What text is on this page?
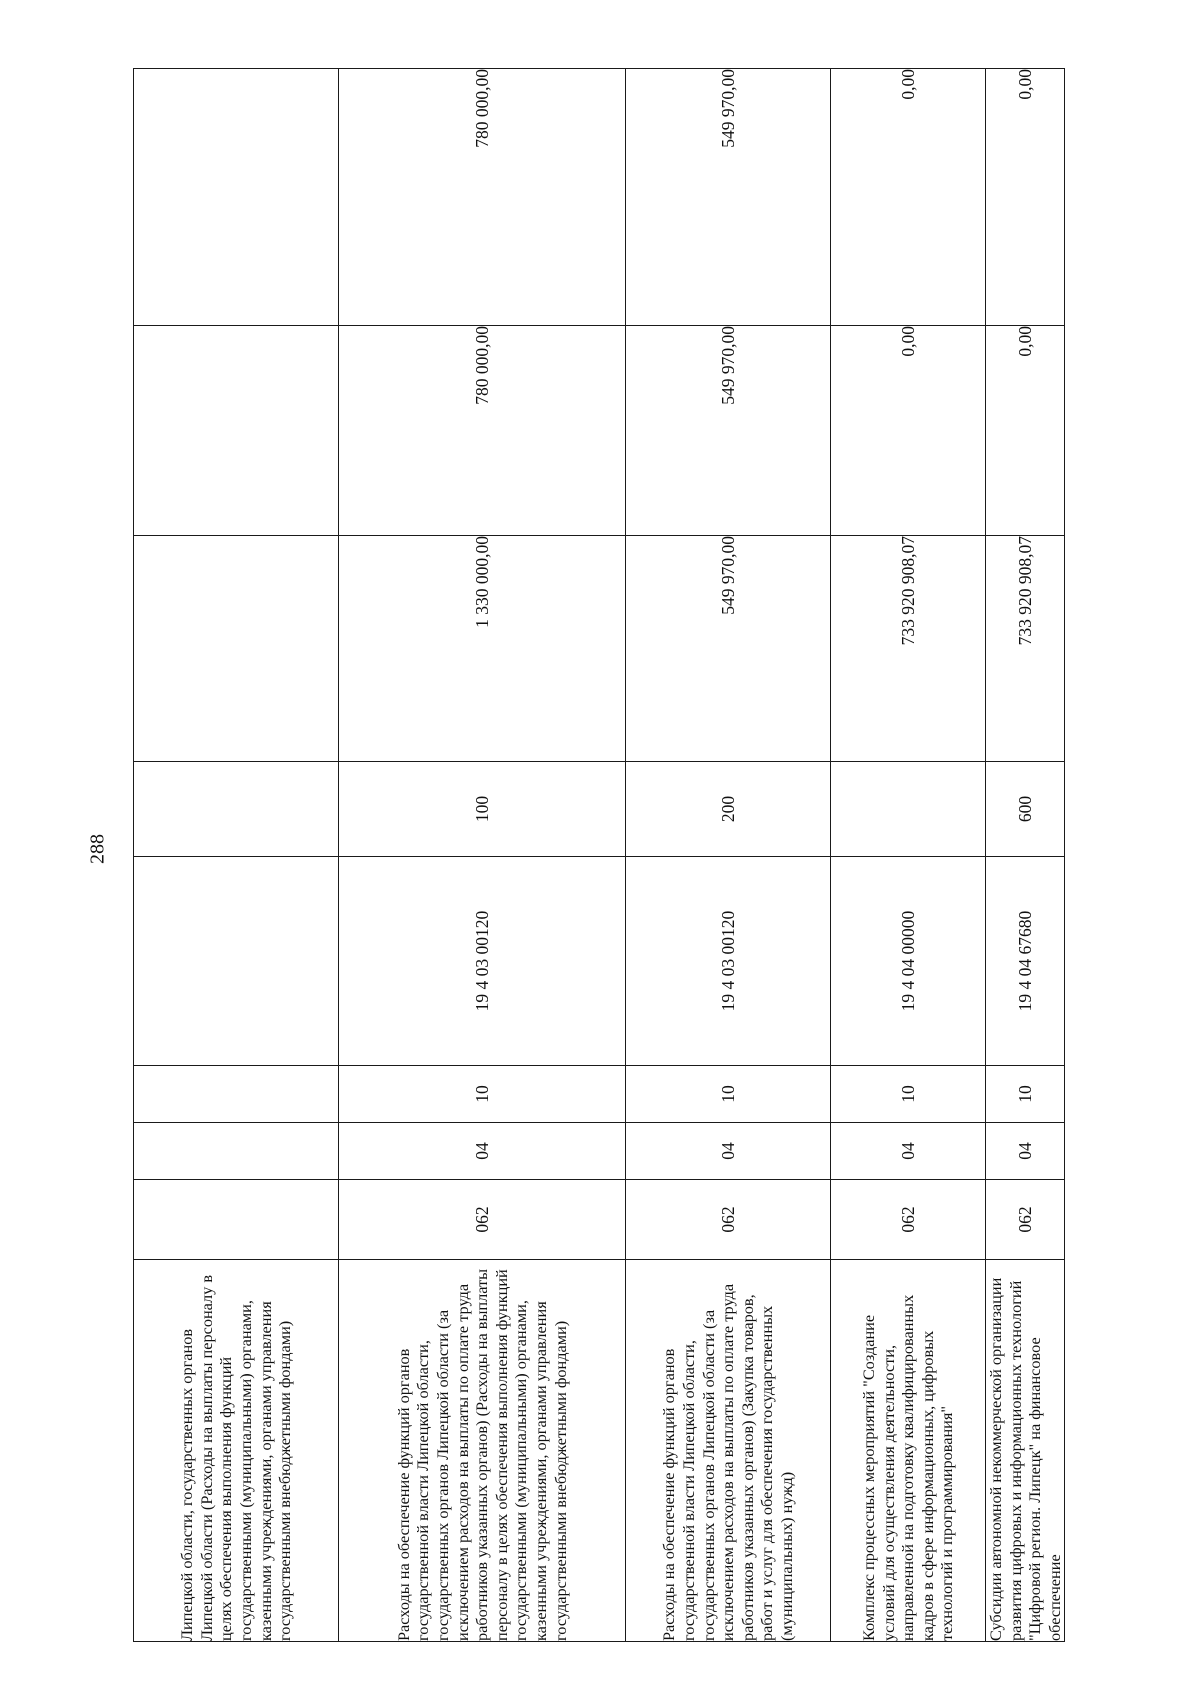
288
Липецкой области, государственных органов Липецкой области (Расходы на выплаты персоналу в целях обеспечения выполнения функций государственными (муниципальными) органами, казенными учреждениями, органами управления государственными внебюджетными фондами)								
Расходы на обеспечение функций органов государственной власти Липецкой области, государственных органов Липецкой области (за исключением расходов на выплаты по оплате труда работников указанных органов) (Расходы на выплаты персоналу в целях обеспечения выполнения функций государственными (муниципальными) органами, казенными учреждениями, органами управления государственными внебюджетными фондами)	062	04	10	19 4 03 00120	100	1 330 000,00	780 000,00	780 000,00
Расходы на обеспечение функций органов государственной власти Липецкой области, государственных органов Липецкой области (за исключением расходов на выплаты по оплате труда работников указанных органов) (Закупка товаров, работ и услуг для обеспечения государственных (муниципальных) нужд)	062	04	10	19 4 03 00120	200	549 970,00	549 970,00	549 970,00
Комплекс процессных мероприятий "Создание условий для осуществления деятельности, направленной на подготовку квалифицированных кадров в сфере информационных, цифровых технологий и программирования"	062	04	10	19 4 04 00000		733 920 908,07	0,00	0,00
Субсидии автономной некоммерческой организации развития цифровых и информационных технологий "Цифровой регион. Липецк" на финансовое обеспечение	062	04	10	19 4 04 67680	600	733 920 908,07	0,00	0,00
